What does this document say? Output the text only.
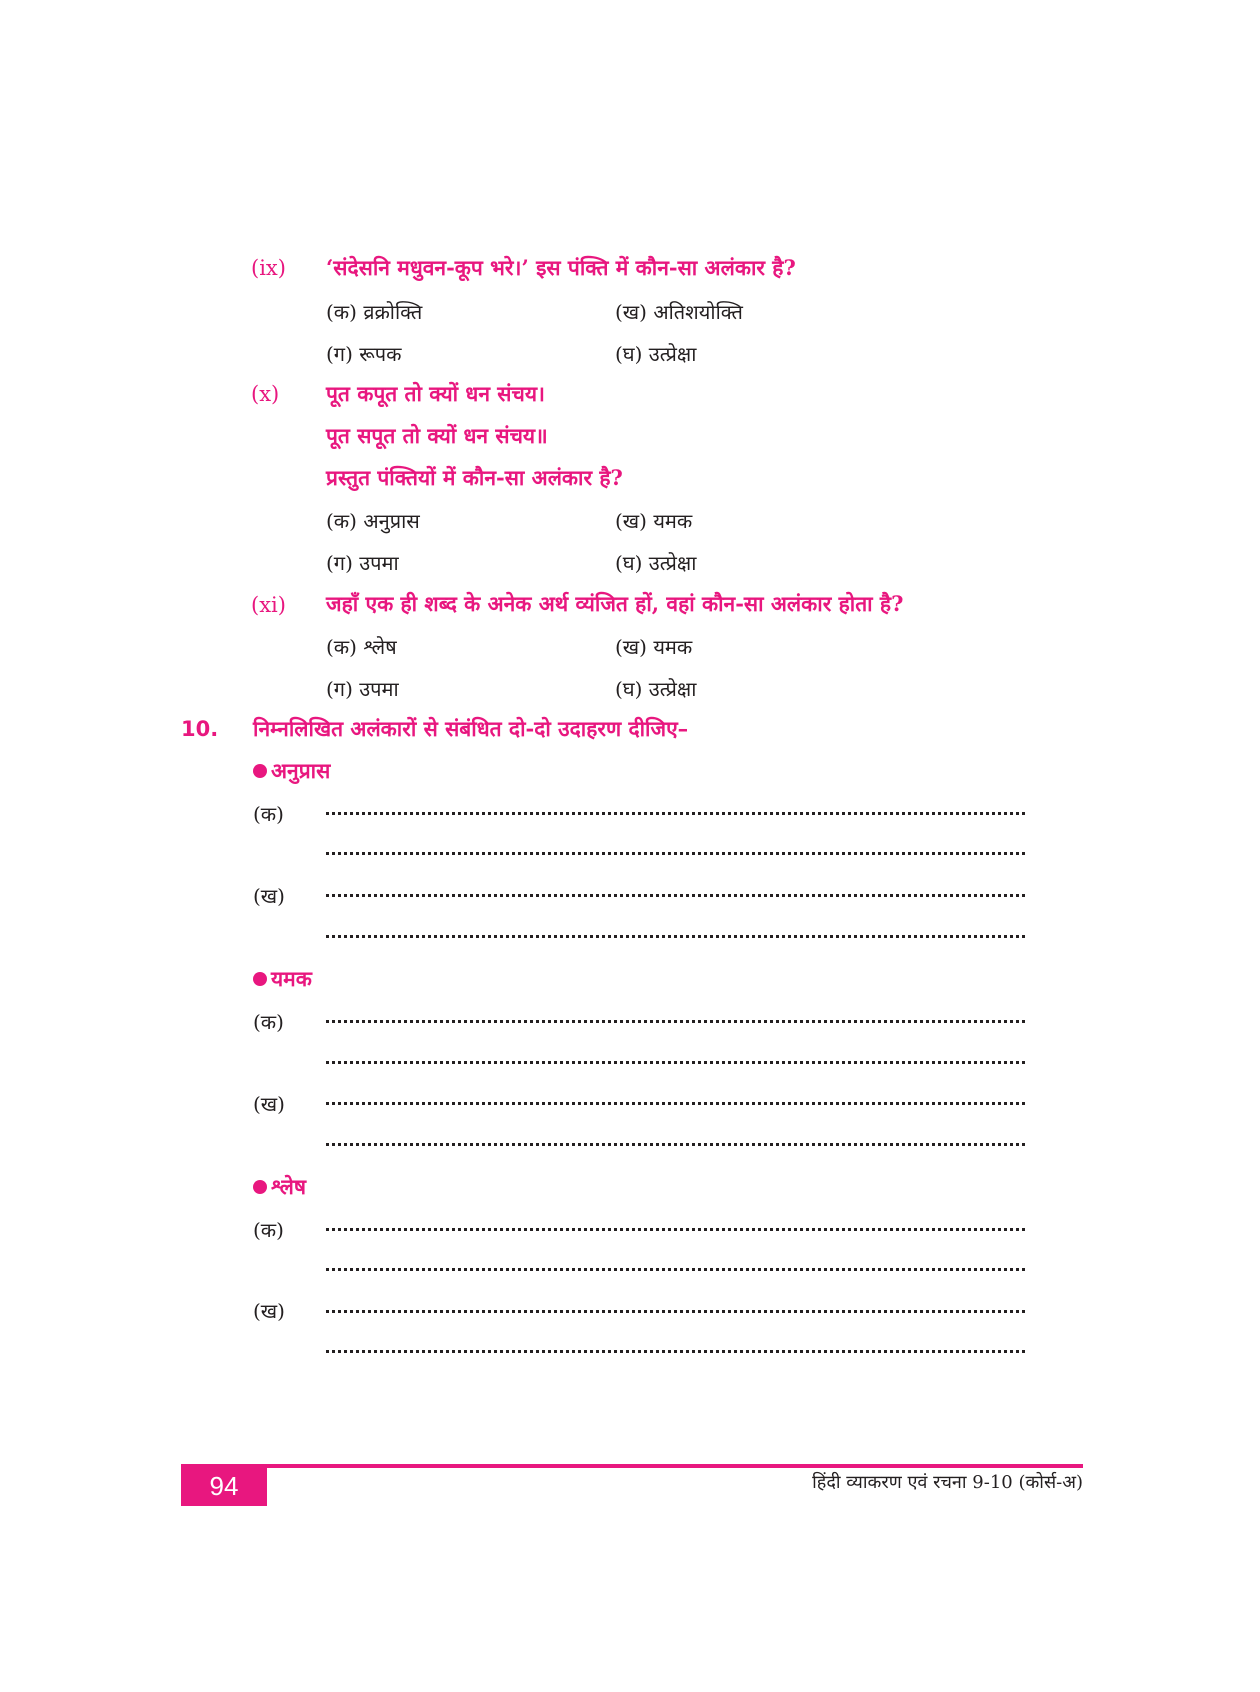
(ix) ‘संदेसनि मधुवन-कूप भरे।’ इस पंक्ति में कौन-सा अलंकार है?
(क) व्रक्रोक्ति	(ख) अतिशयोक्ति
(ग) रूपक	(घ) उत्प्रेक्षा
(x) पूत कपूत तो क्यों धन संचय।
पूत सपूत तो क्यों धन संचय॥
प्रस्तुत पंक्तियों में कौन-सा अलंकार है?
(क) अनुप्रास	(ख) यमक
(ग) उपमा	(घ) उत्प्रेक्षा
(xi) जहाँ एक ही शब्द के अनेक अर्थ व्यंजित हों, वहां कौन-सा अलंकार होता है?
(क) श्लेष	(ख) यमक
(ग) उपमा	(घ) उत्प्रेक्षा
10. निम्नलिखित अलंकारों से संबंधित दो-दो उदाहरण दीजिए–
अनुप्रास
(क)
(ख)
यमक
(क)
(ख)
श्लेष
(क)
(ख)
94	हिंदी व्याकरण एवं रचना 9-10 (कोर्स-अ)
